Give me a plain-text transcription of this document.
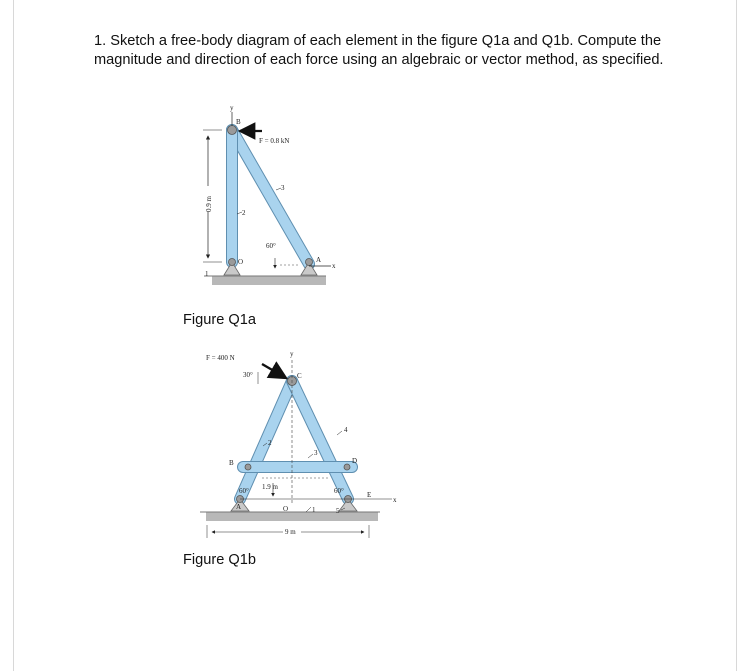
1. Sketch a free-body diagram of each element in the figure Q1a and Q1b. Compute the magnitude and direction of each force using an algebraic or vector method, as specified.

y
x
F = 0.8 kN
B
O	A
2
3
1
60°
0.9 m
y
x
F = 400 N
30°	C
B	D
A
E
O
2
3
4
1	5
60°	60°
1.9 m
9 m
Figure Q1a
Figure Q1b
